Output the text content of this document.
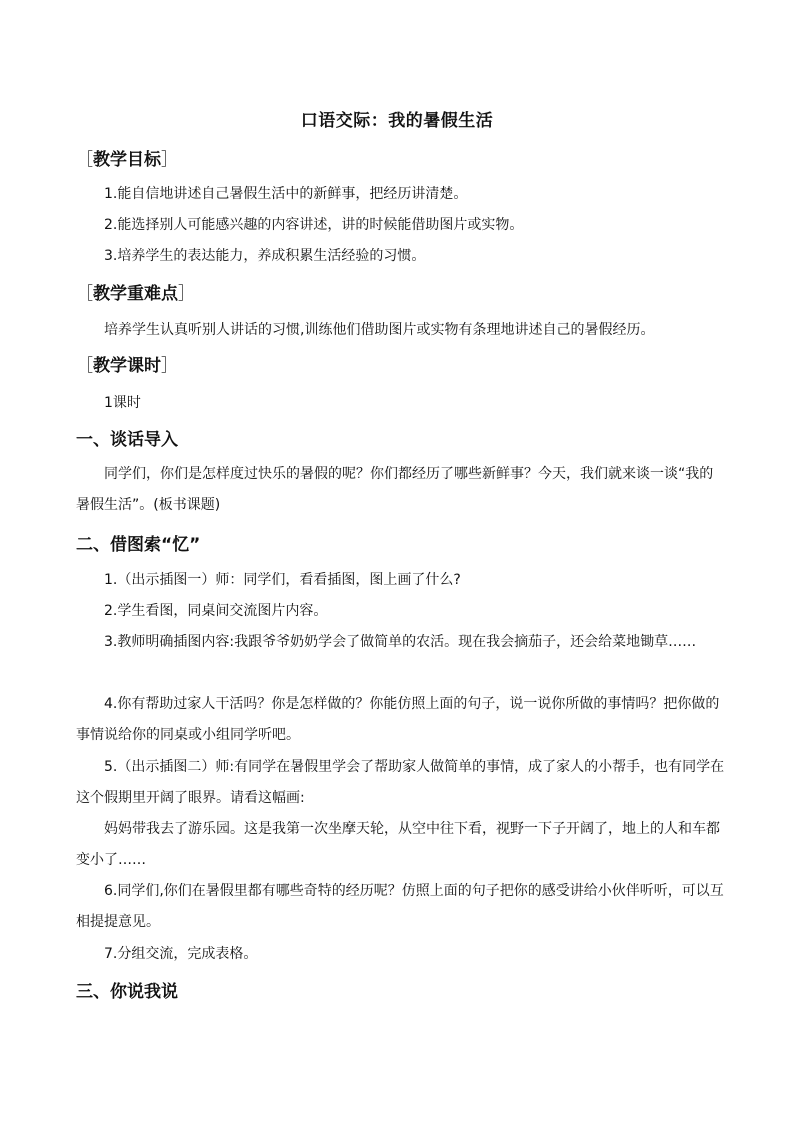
口语交际：我的暑假生活
［教学目标］
1.能自信地讲述自己暑假生活中的新鲜事，把经历讲清楚。
2.能选择别人可能感兴趣的内容讲述，讲的时候能借助图片或实物。
3.培养学生的表达能力，养成积累生活经验的习惯。
［教学重难点］
培养学生认真听别人讲话的习惯,训练他们借助图片或实物有条理地讲述自己的暑假经历。
［教学课时］
1课时
一、谈话导入
同学们，你们是怎样度过快乐的暑假的呢？你们都经历了哪些新鲜事？今天，我们就来谈一谈“我的暑假生活”。(板书课题)
二、借图索“忆”
1.（出示插图一）师：同学们，看看插图，图上画了什么?
2.学生看图，同桌间交流图片内容。
3.教师明确插图内容:我跟爷爷奶奶学会了做简单的农活。现在我会摘茄子，还会给菜地锄草……
4.你有帮助过家人干活吗？你是怎样做的？你能仿照上面的句子，说一说你所做的事情吗？把你做的事情说给你的同桌或小组同学听吧。
5.（出示插图二）师:有同学在暑假里学会了帮助家人做简单的事情，成了家人的小帮手，也有同学在这个假期里开阔了眼界。请看这幅画:
妈妈带我去了游乐园。这是我第一次坐摩天轮，从空中往下看，视野一下子开阔了，地上的人和车都变小了……
6.同学们,你们在暑假里都有哪些奇特的经历呢？仿照上面的句子把你的感受讲给小伙伴听听，可以互相提提意见。
7.分组交流，完成表格。
三、你说我说
